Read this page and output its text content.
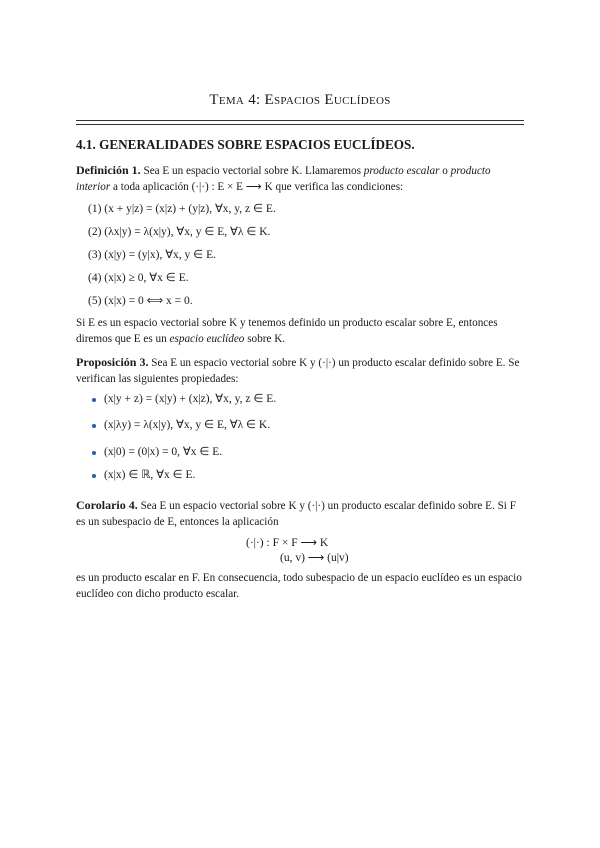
Tema 4: Espacios Euclídeos
4.1. GENERALIDADES SOBRE ESPACIOS EUCLÍDEOS.
Definición 1. Sea E un espacio vectorial sobre K. Llamaremos producto escalar o producto interior a toda aplicación (·|·) : E × E ⟶ K que verifica las condiciones:
(1) (x + y|z) = (x|z) + (y|z), ∀x, y, z ∈ E.
(2) (λx|y) = λ(x|y), ∀x, y ∈ E, ∀λ ∈ K.
(3) (x|y) = (y|x), ∀x, y ∈ E.
(4) (x|x) ≥ 0, ∀x ∈ E.
(5) (x|x) = 0 ⟺ x = 0.
Si E es un espacio vectorial sobre K y tenemos definido un producto escalar sobre E, entonces diremos que E es un espacio euclídeo sobre K.
Proposición 3. Sea E un espacio vectorial sobre K y (·|·) un producto escalar definido sobre E. Se verifican las siguientes propiedades:
(x|y + z) = (x|y) + (x|z), ∀x, y, z ∈ E.
(x|λy) = λ(x|y), ∀x, y ∈ E, ∀λ ∈ K.
(x|0) = (0|x) = 0, ∀x ∈ E.
(x|x) ∈ ℝ, ∀x ∈ E.
Corolario 4. Sea E un espacio vectorial sobre K y (·|·) un producto escalar definido sobre E. Si F es un subespacio de E, entonces la aplicación
(·|·) : F × F ⟶ K
(u, v) ⟶ (u|v)
es un producto escalar en F. En consecuencia, todo subespacio de un espacio euclídeo es un espacio euclídeo con dicho producto escalar.
